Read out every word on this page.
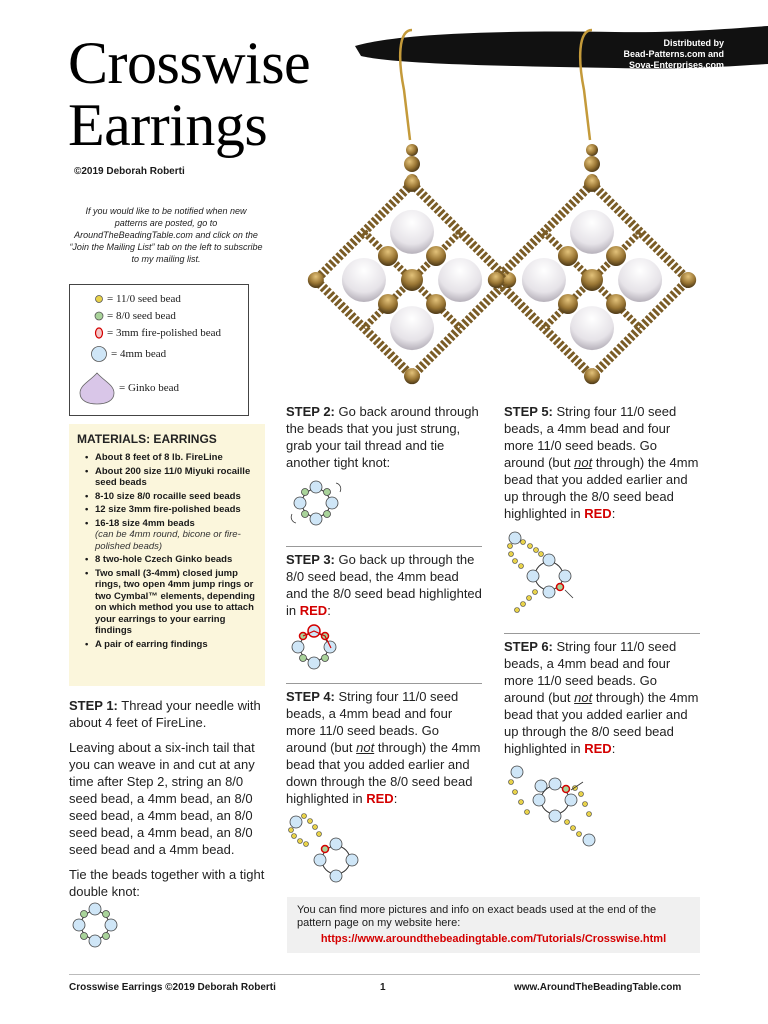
Crosswise
Earrings
©2019 Deborah Roberti
If you would like to be notified when new patterns are posted, go to AroundTheBeadingTable.com and click on the “Join the Mailing List” tab on the left to subscribe to my mailing list.
Distributed by
Bead-Patterns.com and
Sova-Enterprises.com
= 11/0 seed bead
= 8/0 seed bead
= 3mm fire-polished bead
= 4mm bead
= Ginko bead
MATERIALS: EARRINGS
• About 8 feet of 8 lb. FireLine
• About 200 size 11/0 Miyuki rocaille seed beads
• 8-10 size 8/0 rocaille seed beads
• 12 size 3mm fire-polished beads
• 16-18 size 4mm beads
(can be 4mm round, bicone or fire-polished beads)
• 8 two-hole Czech Ginko beads
• Two small (3-4mm) closed jump rings, two open 4mm jump rings or two Cymbal™ elements, depending on which method you use to attach your earrings to your earring findings
• A pair of earring findings
STEP 1: Thread your needle with about 4 feet of FireLine.
Leaving about a six-inch tail that you can weave in and cut at any time after Step 2, string an 8/0 seed bead, a 4mm bead, an 8/0 seed bead, a 4mm bead, an 8/0 seed bead, a 4mm bead, an 8/0 seed bead and a 4mm bead.
Tie the beads together with a tight double knot:
STEP 2: Go back around through the beads that you just strung, grab your tail thread and tie another tight knot:
STEP 3: Go back up through the 8/0 seed bead, the 4mm bead and the 8/0 seed bead highlighted in RED:
STEP 4: String four 11/0 seed beads, a 4mm bead and four more 11/0 seed beads. Go around (but not through) the 4mm bead that you added earlier and down through the 8/0 seed bead highlighted in RED:
STEP 5: String four 11/0 seed beads, a 4mm bead and four more 11/0 seed beads. Go around (but not through) the 4mm bead that you added earlier and up through the 8/0 seed bead highlighted in RED:
STEP 6: String four 11/0 seed beads, a 4mm bead and four more 11/0 seed beads. Go around (but not through) the 4mm bead that you added earlier and up through the 8/0 seed bead highlighted in RED:
You can find more pictures and info on exact beads used at the end of the pattern page on my website here:
https://www.aroundthebeadingtable.com/Tutorials/Crosswise.html
Crosswise Earrings ©2019 Deborah Roberti	1	www.AroundTheBeadingTable.com
